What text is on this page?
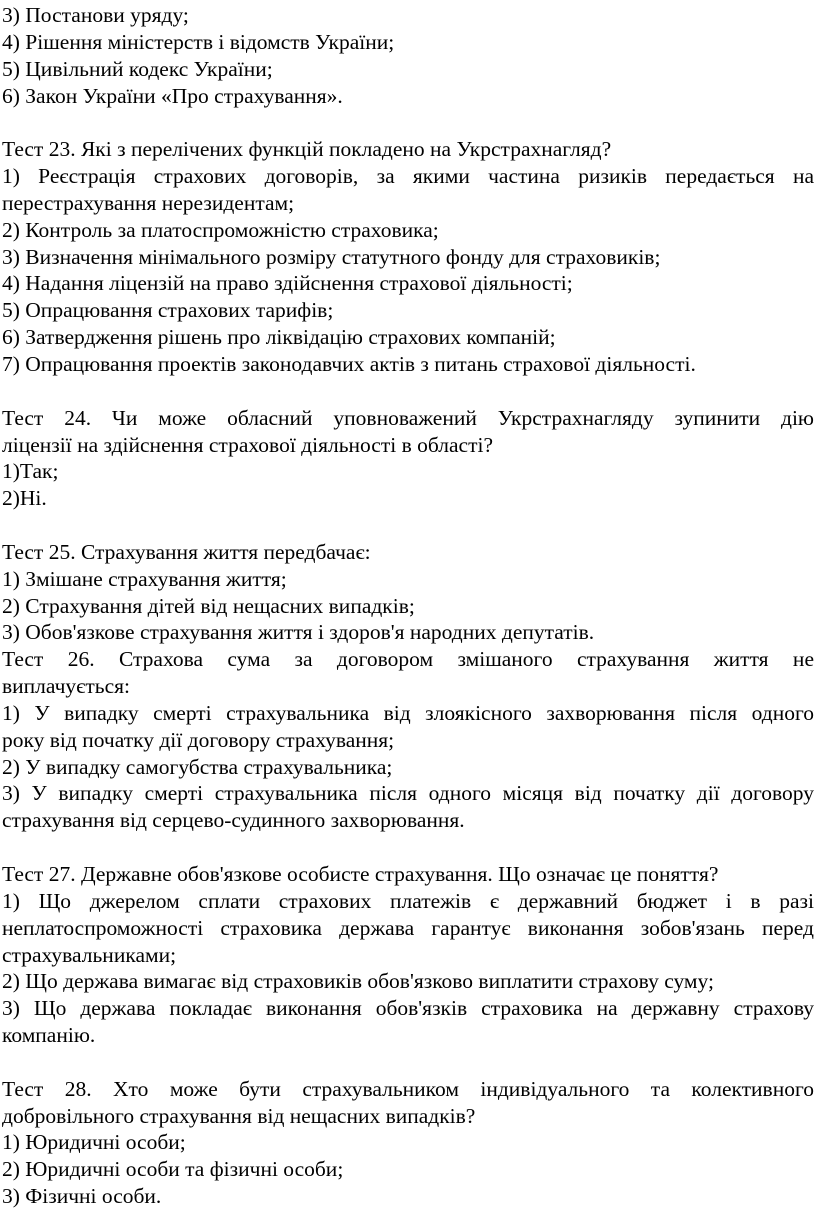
3) Постанови уряду;
4) Рішення міністерств і відомств України;
5) Цивільний кодекс України;
6) Закон України «Про страхування».
Тест 23. Які з перелічених функцій покладено на Укрстрахнагляд?
1) Реєстрація страхових договорів, за якими частина ризиків передається на
перестрахування нерезидентам;
2) Контроль за платоспроможністю страховика;
3) Визначення мінімального розміру статутного фонду для страховиків;
4) Надання ліцензій на право здійснення страхової діяльності;
5) Опрацювання страхових тарифів;
6) Затвердження рішень про ліквідацію страхових компаній;
7) Опрацювання проектів законодавчих актів з питань страхової діяльності.
Тест 24. Чи може обласний уповноважений Укрстрахнагляду зупинити дію
ліцензії на здійснення страхової діяльності в області?
1)Так;
2)Ні.
Тест 25. Страхування життя передбачає:
1) Змішане страхування життя;
2) Страхування дітей від нещасних випадків;
3) Обов'язкове страхування життя і здоров'я народних депутатів.
Тест 26. Страхова сума за договором змішаного страхування життя не
виплачується:
1) У випадку смерті страхувальника від злоякісного захворювання після одного
року від початку дії договору страхування;
2) У випадку самогубства страхувальника;
3) У випадку смерті страхувальника після одного місяця від початку дії договору
страхування від серцево-судинного захворювання.
Тест 27. Державне обов'язкове особисте страхування. Що означає це поняття?
1) Що джерелом сплати страхових платежів є державний бюджет і в разі
неплатоспроможності страховика держава гарантує виконання зобов'язань перед
страхувальниками;
2) Що держава вимагає від страховиків обов'язково виплатити страхову суму;
3) Що держава покладає виконання обов'язків страховика на державну страхову
компанію.
Тест 28. Хто може бути страхувальником індивідуального та колективного
добровільного страхування від нещасних випадків?
1) Юридичні особи;
2) Юридичні особи та фізичні особи;
3) Фізичні особи.
